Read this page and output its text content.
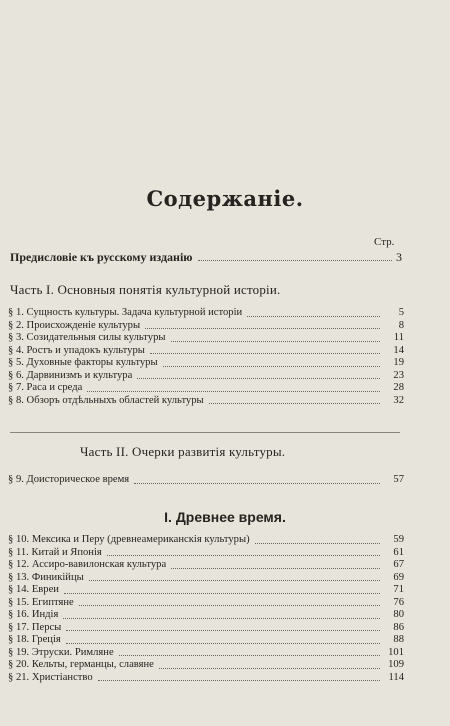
Содержаніе.
Стр.
Предисловіе къ русскому изданію	3
Часть I. Основныя понятія культурной исторіи.
§ 1. Сущность культуры. Задача культурной исторіи	5
§ 2. Происхожденіе культуры	8
§ 3. Созидательныя силы культуры	11
§ 4. Ростъ и упадокъ культуры	14
§ 5. Духовные факторы культуры	19
§ 6. Дарвинизмъ и культура	23
§ 7. Раса и среда	28
§ 8. Обзоръ отдѣльныхъ областей культуры	32
Часть II. Очерки развитія культуры.
§ 9. Доисторическое время	57
I. Древнее время.
§ 10. Мексика и Перу (древнеамериканскія культуры)	59
§ 11. Китай и Японія	61
§ 12. Ассиро-вавилонская культура	67
§ 13. Финикійцы	69
§ 14. Евреи	71
§ 15. Египтяне	76
§ 16. Индія	80
§ 17. Персы	86
§ 18. Греція	88
§ 19. Этруски. Римляне	101
§ 20. Кельты, германцы, славяне	109
§ 21. Христіанство	114
